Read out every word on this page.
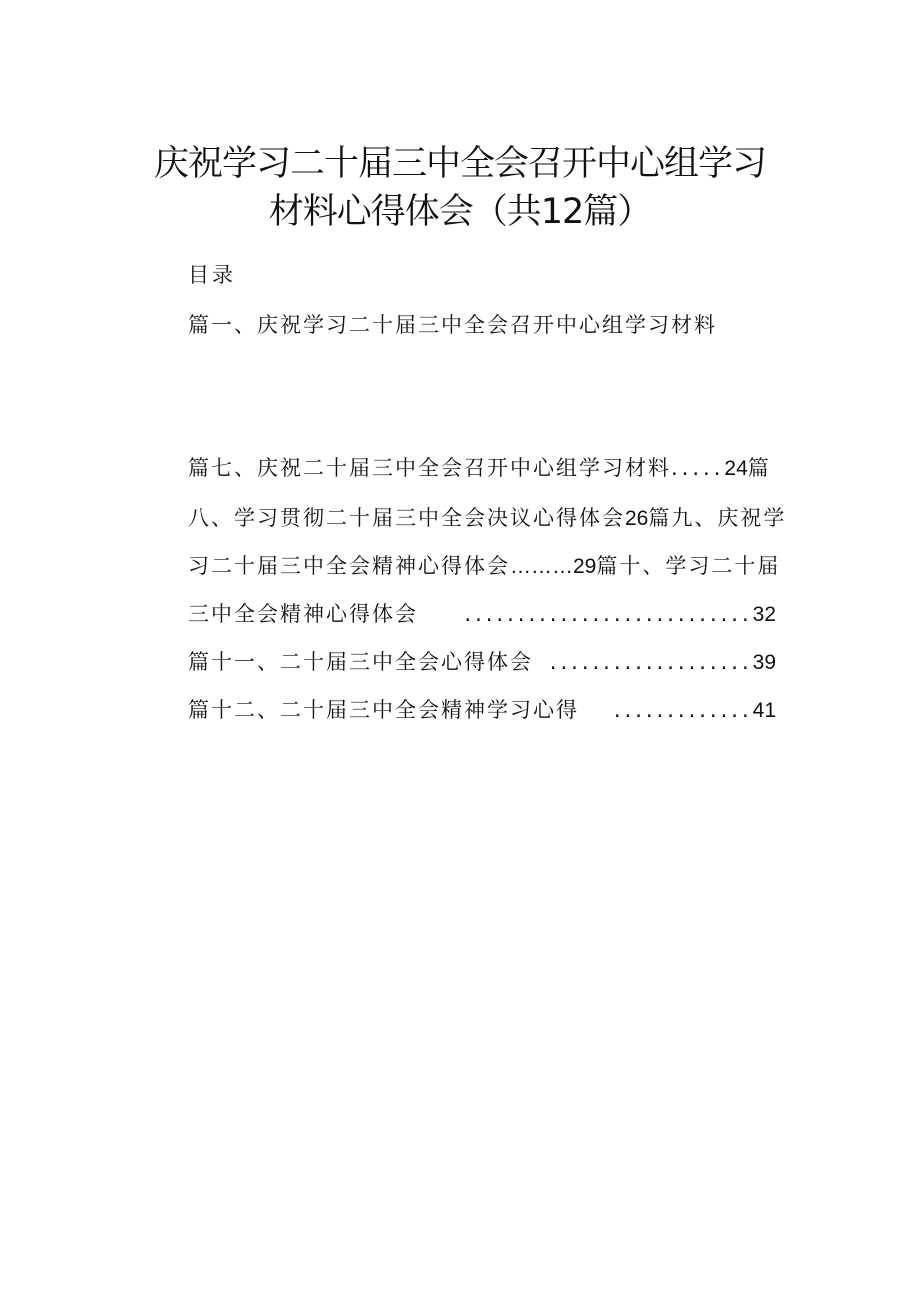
庆祝学习二十届三中全会召开中心组学习
材料心得体会（共12篇）
目录
篇一、庆祝学习二十届三中全会召开中心组学习材料
篇七、庆祝二十届三中全会召开中心组学习材料.....24篇
八、学习贯彻二十届三中全会决议心得体会26篇九、庆祝学
习二十届三中全会精神心得体会………29篇十、学习二十届
三中全会精神心得体会 ...........................32
篇十一、二十届三中全会心得体会 ...................39
篇十二、二十届三中全会精神学习心得 .............41
